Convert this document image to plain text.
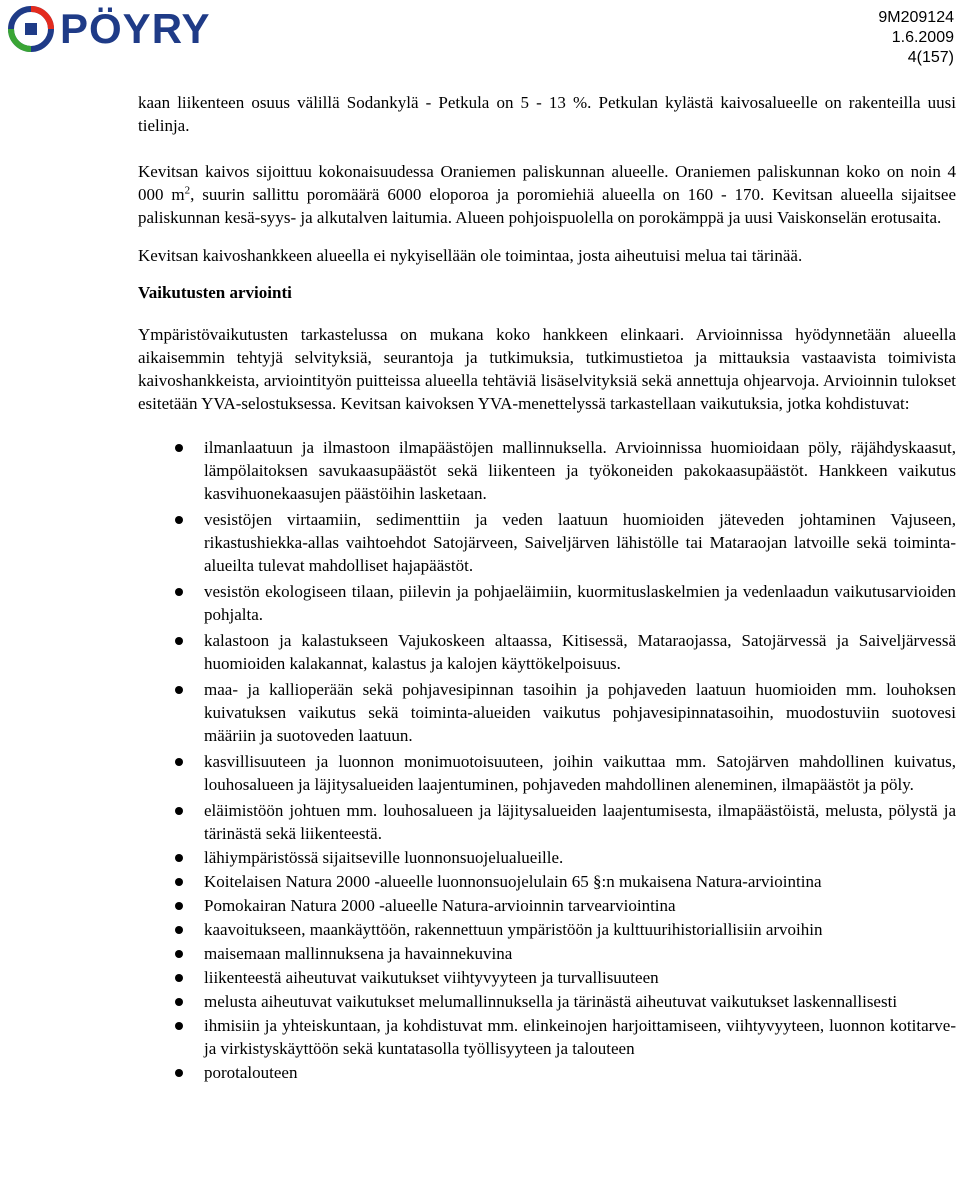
PÖYRY	9M209124
1.6.2009
4(157)

kaan liikenteen osuus välillä Sodankylä - Petkula on 5 - 13 %. Petkulan kylästä kaivosalueelle on rakenteilla uusi tielinja.

Kevitsan kaivos sijoittuu kokonaisuudessa Oraniemen paliskunnan alueelle. Oraniemen paliskunnan koko on noin 4 000 $m^2$, suurin sallittu poromäärä 6000 eloporoa ja poromiehiä alueella on 160 - 170. Kevitsan alueella sijaitsee paliskunnan kesä-syys- ja alkutalven laitumia. Alueen pohjoispuolella on porokämppä ja uusi Vaiskonselän erotusaita.

Kevitsan kaivoshankkeen alueella ei nykyisellään ole toimintaa, josta aiheutuisi melua tai tärinää.

Vaikutusten arviointi

Ympäristövaikutusten tarkastelussa on mukana koko hankkeen elinkaari. Arvioinnissa hyödynnetään alueella aikaisemmin tehtyjä selvityksiä, seurantoja ja tutkimuksia, tutkimustietoa ja mittauksia vastaavista toimivista kaivoshankkeista, arviointityön puitteissa alueella tehtäviä lisäselvityksiä sekä annettuja ohjearvoja. Arvioinnin tulokset esitetään YVA-selostuksessa. Kevitsan kaivoksen YVA-menettelyssä tarkastellaan vaikutuksia, jotka kohdistuvat:

ilmanlaatuun ja ilmastoon ilmapäästöjen mallinnuksella. Arvioinnissa huomioidaan pöly, räjähdyskaasut, lämpölaitoksen savukaasupäästöt sekä liikenteen ja työkoneiden pakokaasupäästöt. Hankkeen vaikutus kasvihuonekaasujen päästöihin lasketaan.
vesistöjen virtaamiin, sedimenttiin ja veden laatuun huomioiden jäteveden johtaminen Vajuseen, rikastushiekka-allas vaihtoehdot Satojärveen, Saiveljärven lähistölle tai Mataraojan latvoille sekä toiminta-alueilta tulevat mahdolliset hajapäästöt.
vesistön ekologiseen tilaan, piilevin ja pohjaeläimiin, kuormituslaskelmien ja vedenlaadun vaikutusarvioiden pohjalta.
kalastoon ja kalastukseen Vajukoskeen altaassa, Kitisessä, Mataraojassa, Satojärvessä ja Saiveljärvessä huomioiden kalakannat, kalastus ja kalojen käyttökelpoisuus.
maa- ja kallioperään sekä pohjavesipinnan tasoihin ja pohjaveden laatuun huomioiden mm. louhoksen kuivatuksen vaikutus sekä toiminta-alueiden vaikutus pohjavesipinnatasoihin, muodostuviin suotovesi määriin ja suotoveden laatuun.
kasvillisuuteen ja luonnon monimuotoisuuteen, joihin vaikuttaa mm. Satojärven mahdollinen kuivatus, louhosalueen ja läjitysalueiden laajentuminen, pohjaveden mahdollinen aleneminen, ilmapäästöt ja pöly.
eläimistöön johtuen mm. louhosalueen ja läjitysalueiden laajentumisesta, ilmapäästöistä, melusta, pölystä ja tärinästä sekä liikenteestä.
lähiympäristössä sijaitseville luonnonsuojelualueille.
Koitelaisen Natura 2000 -alueelle luonnonsuojelulain 65 §:n mukaisena Natura-arviointina
Pomokairan Natura 2000 -alueelle Natura-arvioinnin tarvearviointina
kaavoitukseen, maankäyttöön, rakennettuun ympäristöön ja kulttuurihistoriallisiin arvoihin
maisemaan mallinnuksena ja havainnekuvina
liikenteestä aiheutuvat vaikutukset viihtyvyyteen ja turvallisuuteen
melusta aiheutuvat vaikutukset melumallinnuksella ja tärinästä aiheutuvat vaikutukset laskennallisesti
ihmisiin ja yhteiskuntaan, ja kohdistuvat mm. elinkeinojen harjoittamiseen, viihtyvyyteen, luonnon kotitarve- ja virkistyskäyttöön sekä kuntatasolla työllisyyteen ja talouteen
porotalouteen
